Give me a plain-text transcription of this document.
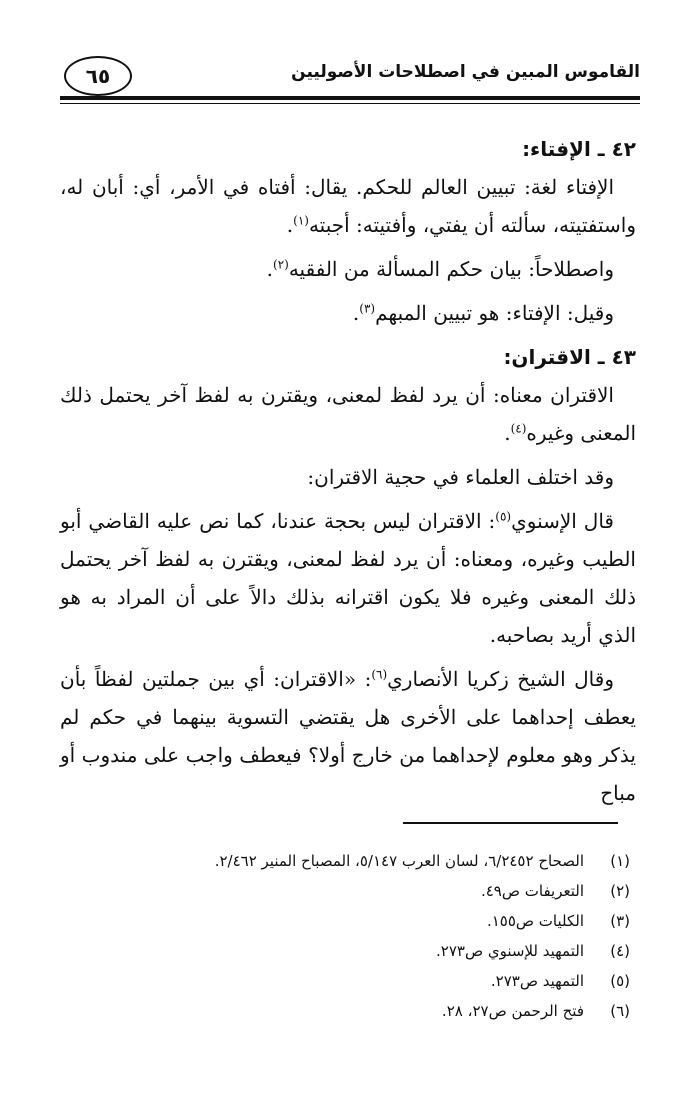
القاموس المبين في اصطلاحات الأصوليين
٦٥

٤٢ ـ الإفتاء:

الإفتاء لغة: تبيين العالم للحكم. يقال: أفتاه في الأمر، أي: أبان له، واستفتيته، سألته أن يفتي، وأفتيته: أجبته$^{(١)}$.

واصطلاحاً: بيان حكم المسألة من الفقيه$^{(٢)}$.

وقيل: الإفتاء: هو تبيين المبهم$^{(٣)}$.

٤٣ ـ الاقتران:

الاقتران معناه: أن يرد لفظ لمعنى، ويقترن به لفظ آخر يحتمل ذلك المعنى وغيره$^{(٤)}$.

وقد اختلف العلماء في حجية الاقتران:

قال الإسنوي$^{(٥)}$: الاقتران ليس بحجة عندنا، كما نص عليه القاضي أبو الطيب وغيره، ومعناه: أن يرد لفظ لمعنى، ويقترن به لفظ آخر يحتمل ذلك المعنى وغيره فلا يكون اقترانه بذلك دالاً على أن المراد به هو الذي أريد بصاحبه.

وقال الشيخ زكريا الأنصاري$^{(٦)}$: «الاقتران: أي بين جملتين لفظاً بأن يعطف إحداهما على الأخرى هل يقتضي التسوية بينهما في حكم لم يذكر وهو معلوم لإحداهما من خارج أولا؟ فيعطف واجب على مندوب أو مباح

(١)الصحاح ٦/٢٤٥٢، لسان العرب ٥/١٤٧، المصباح المنير ٢/٤٦٢.
(٢)التعريفات ص٤٩.
(٣)الكليات ص١٥٥.
(٤)التمهيد للإسنوي ص٢٧٣.
(٥)التمهيد ص٢٧٣.
(٦)فتح الرحمن ص٢٧، ٢٨.
